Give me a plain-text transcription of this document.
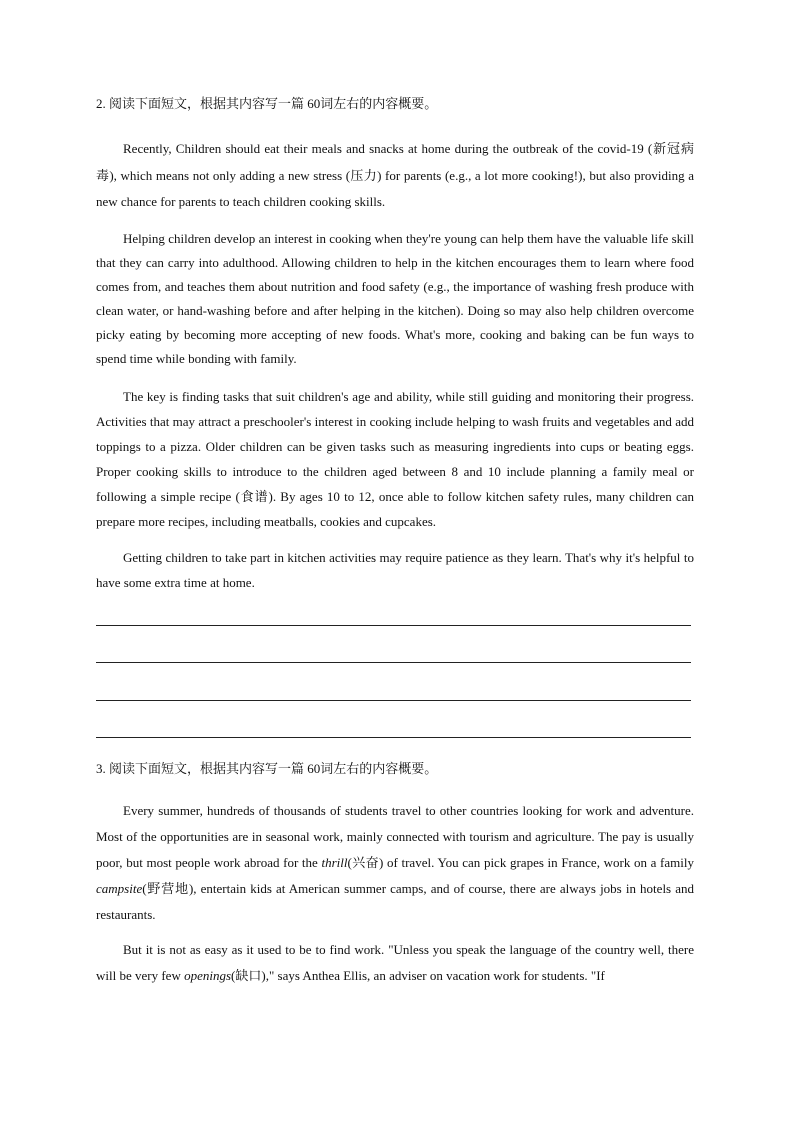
2. 阅读下面短文，根据其内容写一篇 60词左右的内容概要。

Recently, Children should eat their meals and snacks at home during the outbreak of the covid-19 (新冠病毒), which means not only adding a new stress (压力) for parents (e.g., a lot more cooking!), but also providing a new chance for parents to teach children cooking skills.

Helping children develop an interest in cooking when they're young can help them have the valuable life skill that they can carry into adulthood. Allowing children to help in the kitchen encourages them to learn where food comes from, and teaches them about nutrition and food safety (e.g., the importance of washing fresh produce with clean water, or hand-washing before and after helping in the kitchen). Doing so may also help children overcome picky eating by becoming more accepting of new foods. What's more, cooking and baking can be fun ways to spend time while bonding with family.

The key is finding tasks that suit children's age and ability, while still guiding and monitoring their progress. Activities that may attract a preschooler's interest in cooking include helping to wash fruits and vegetables and add toppings to a pizza. Older children can be given tasks such as measuring ingredients into cups or beating eggs. Proper cooking skills to introduce to the children aged between 8 and 10 include planning a family meal or following a simple recipe (食谱). By ages 10 to 12, once able to follow kitchen safety rules, many children can prepare more recipes, including meatballs, cookies and cupcakes.

Getting children to take part in kitchen activities may require patience as they learn. That's why it's helpful to have some extra time at home.

3. 阅读下面短文，根据其内容写一篇 60词左右的内容概要。

Every summer, hundreds of thousands of students travel to other countries looking for work and adventure. Most of the opportunities are in seasonal work, mainly connected with tourism and agriculture. The pay is usually poor, but most people work abroad for the thrill(兴奋) of travel. You can pick grapes in France, work on a family campsite(野营地), entertain kids at American summer camps, and of course, there are always jobs in hotels and restaurants.

But it is not as easy as it used to be to find work. "Unless you speak the language of the country well, there will be very few openings(缺口)," says Anthea Ellis, an adviser on vacation work for students. "If
